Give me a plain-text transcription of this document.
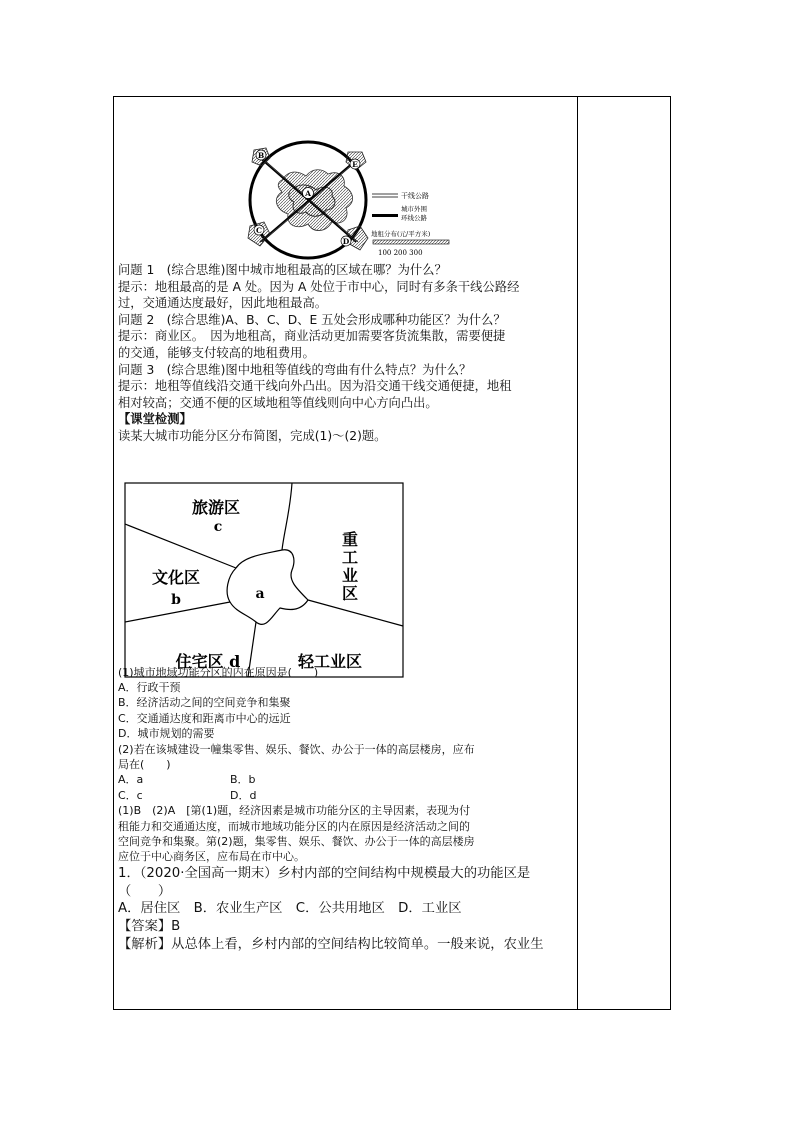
A
B
C
D
E
干线公路
城市外围
环线公路
地租分布(元/平方米)
100 200 300
旅游区
c
文化区
b	a
重
工
业
区
住宅区 d	轻工业区

问题 1　(综合思维)图中城市地租最高的区域在哪？为什么？

提示：地租最高的是 A 处。因为 A 处位于市中心，同时有多条干线公路经

过，交通通达度最好，因此地租最高。

问题 2　(综合思维)A、B、C、D、E 五处会形成哪种功能区？为什么？

提示：商业区。　因为地租高，商业活动更加需要客货流集散，需要便捷

的交通，能够支付较高的地租费用。

问题 3　(综合思维)图中地租等值线的弯曲有什么特点？为什么？

提示：地租等值线沿交通干线向外凸出。因为沿交通干线交通便捷，地租

相对较高；交通不便的区域地租等值线则向中心方向凸出。

【课堂检测】

读某大城市功能分区分布简图，完成(1)～(2)题。

(1)城市地域功能分区的内在原因是(　　)

A．行政干预

B．经济活动之间的空间竞争和集聚

C．交通通达度和距离市中心的远近

D．城市规划的需要

(2)若在该城建设一幢集零售、娱乐、餐饮、办公于一体的高层楼房，应布

局在(　　)

A．a	B．b

C．c	D．d

(1)B　(2)A　[第(1)题，经济因素是城市功能分区的主导因素，表现为付

租能力和交通通达度，而城市地域功能分区的内在原因是经济活动之间的

空间竞争和集聚。第(2)题，集零售、娱乐、餐饮、办公于一体的高层楼房

应位于中心商务区，应布局在市中心。

1．（2020·全国高一期末）乡村内部的空间结构中规模最大的功能区是

（　　）

A．居住区　B．农业生产区　C．公共用地区　D．工业区

【答案】B

【解析】从总体上看，乡村内部的空间结构比较简单。一般来说，农业生
